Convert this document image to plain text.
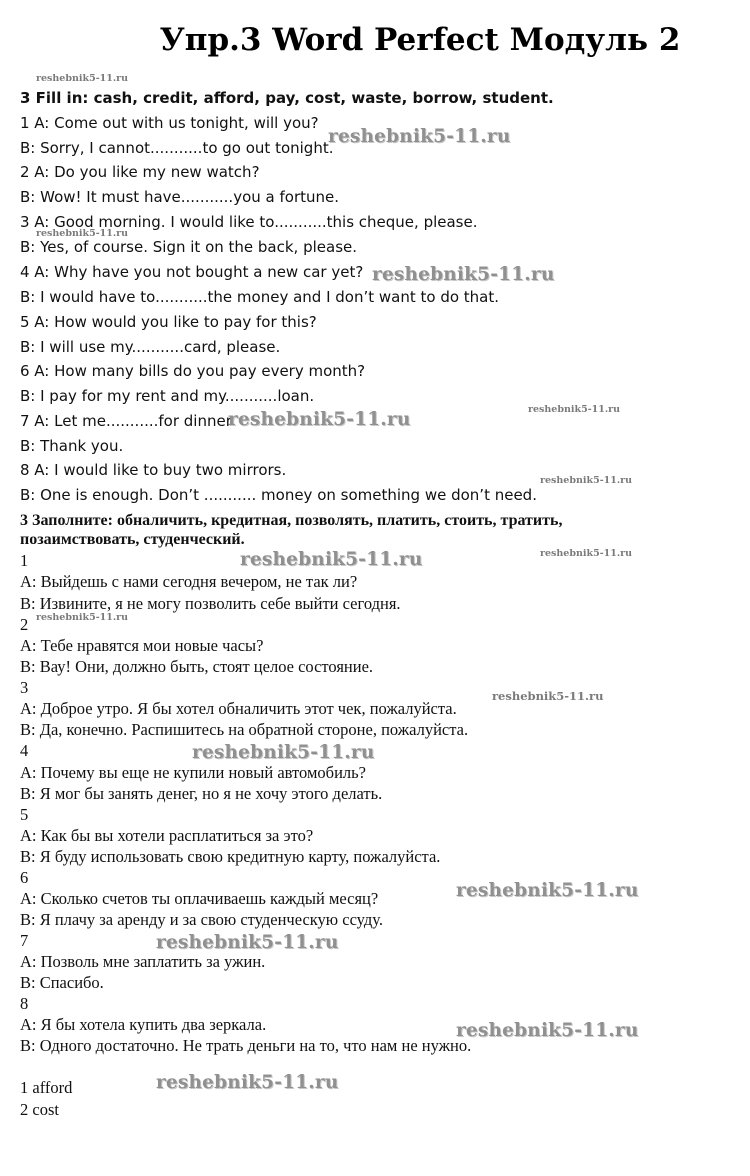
Упр.3 Word Perfect Модуль 2
3 Fill in: cash, credit, afford, pay, cost, waste, borrow, student.
1 A: Come out with us tonight, will you?
B: Sorry, I cannot...........to go out tonight.
2 A: Do you like my new watch?
B: Wow! It must have...........you a fortune.
3 A: Good morning. I would like to...........this cheque, please.
B: Yes, of course. Sign it on the back, please.
4 A: Why have you not bought a new car yet?
B: I would have to...........the money and I don’t want to do that.
5 A: How would you like to pay for this?
B: I will use my...........card, please.
6 A: How many bills do you pay every month?
B: I pay for my rent and my...........loan.
7 A: Let me...........for dinner.
B: Thank you.
8 A: I would like to buy two mirrors.
B: One is enough. Don’t ........... money on something we don’t need.
3 Заполните: обналичить, кредитная, позволять, платить, стоить, тратить,
позаимствовать, студенческий.
1
А: Выйдешь с нами сегодня вечером, не так ли?
В: Извините, я не могу позволить себе выйти сегодня.
2
А: Тебе нравятся мои новые часы?
В: Вау! Они, должно быть, стоят целое состояние.
3
А: Доброе утро. Я бы хотел обналичить этот чек, пожалуйста.
В: Да, конечно. Распишитесь на обратной стороне, пожалуйста.
4
А: Почему вы еще не купили новый автомобиль?
В: Я мог бы занять денег, но я не хочу этого делать.
5
А: Как бы вы хотели расплатиться за это?
В: Я буду использовать свою кредитную карту, пожалуйста.
6
А: Сколько счетов ты оплачиваешь каждый месяц?
В: Я плачу за аренду и за свою студенческую ссуду.
7
А: Позволь мне заплатить за ужин.
В: Спасибо.
8
А: Я бы хотела купить два зеркала.
В: Одного достаточно. Не трать деньги на то, что нам не нужно.
1 afford
2 cost
reshebnik5-11.ru
reshebnik5-11.ru
reshebnik5-11.ru
reshebnik5-11.ru
reshebnik5-11.ru
reshebnik5-11.ru
reshebnik5-11.ru
reshebnik5-11.ru
reshebnik5-11.ru
reshebnik5-11.ru
reshebnik5-11.ru
reshebnik5-11.ru
reshebnik5-11.ru
reshebnik5-11.ru
reshebnik5-11.ru
reshebnik5-11.ru
